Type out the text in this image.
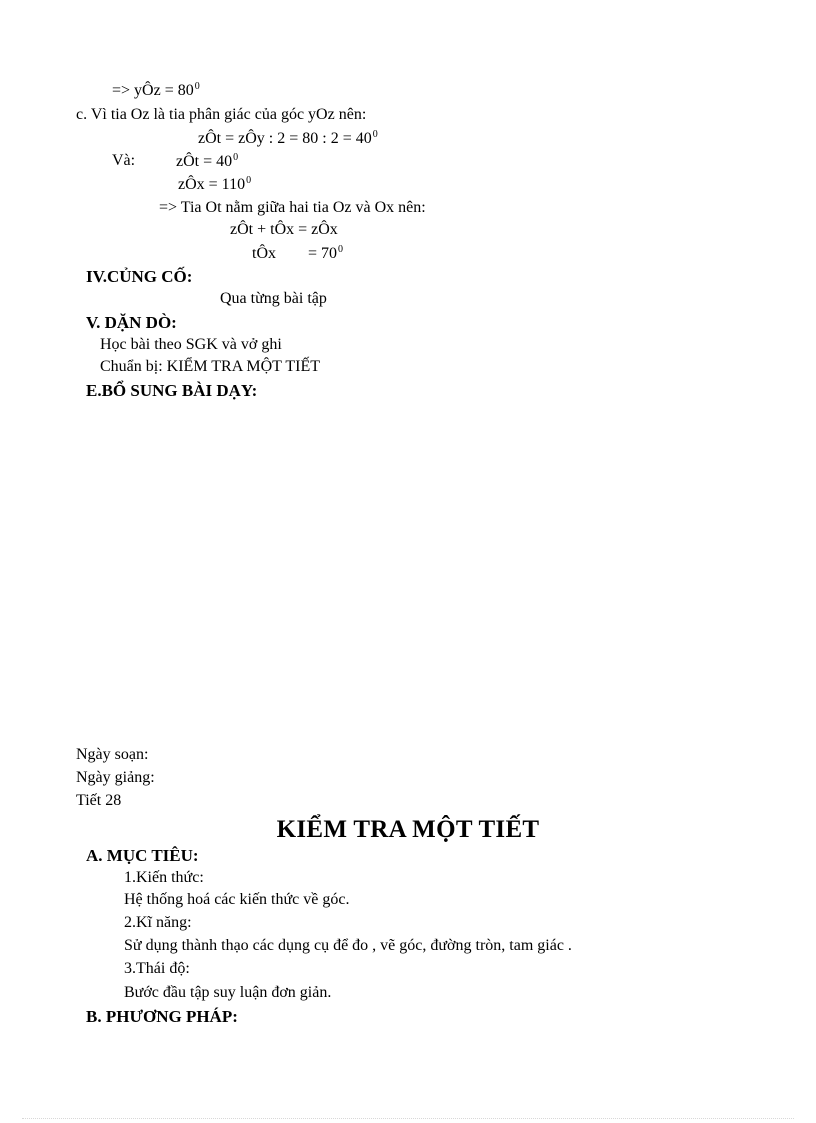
=> yÔz = $80^0$
c. Vì tia Oz là tia phân giác của góc yOz nên:
zÔt = zÔy : 2 = 80 : $2 = 40^0$
Và:	zÔt = $40^0$
zÔx = $110^0$
=> Tia Ot nằm giữa hai tia Oz và Ox nên:
zÔt + tÔx = zÔx
tÔx = $70^0$
IV.CỦNG CỐ:
Qua từng bài tập
V. DẶN DÒ:
Học bài theo SGK và vở ghi
Chuẩn bị: KIỂM TRA MỘT TIẾT
E.BỔ SUNG BÀI DẠY:
Ngày soạn:
Ngày giảng:
Tiết 28
KIỂM TRA MỘT TIẾT
A. MỤC TIÊU:
1.Kiến thức:
Hệ thống hoá các kiến thức về góc.
2.Kĩ năng:
Sử dụng thành thạo các dụng cụ để đo , vẽ góc, đường tròn, tam giác .
3.Thái độ:
Bước đầu tập suy luận đơn giản.
B. PHƯƠNG PHÁP:
